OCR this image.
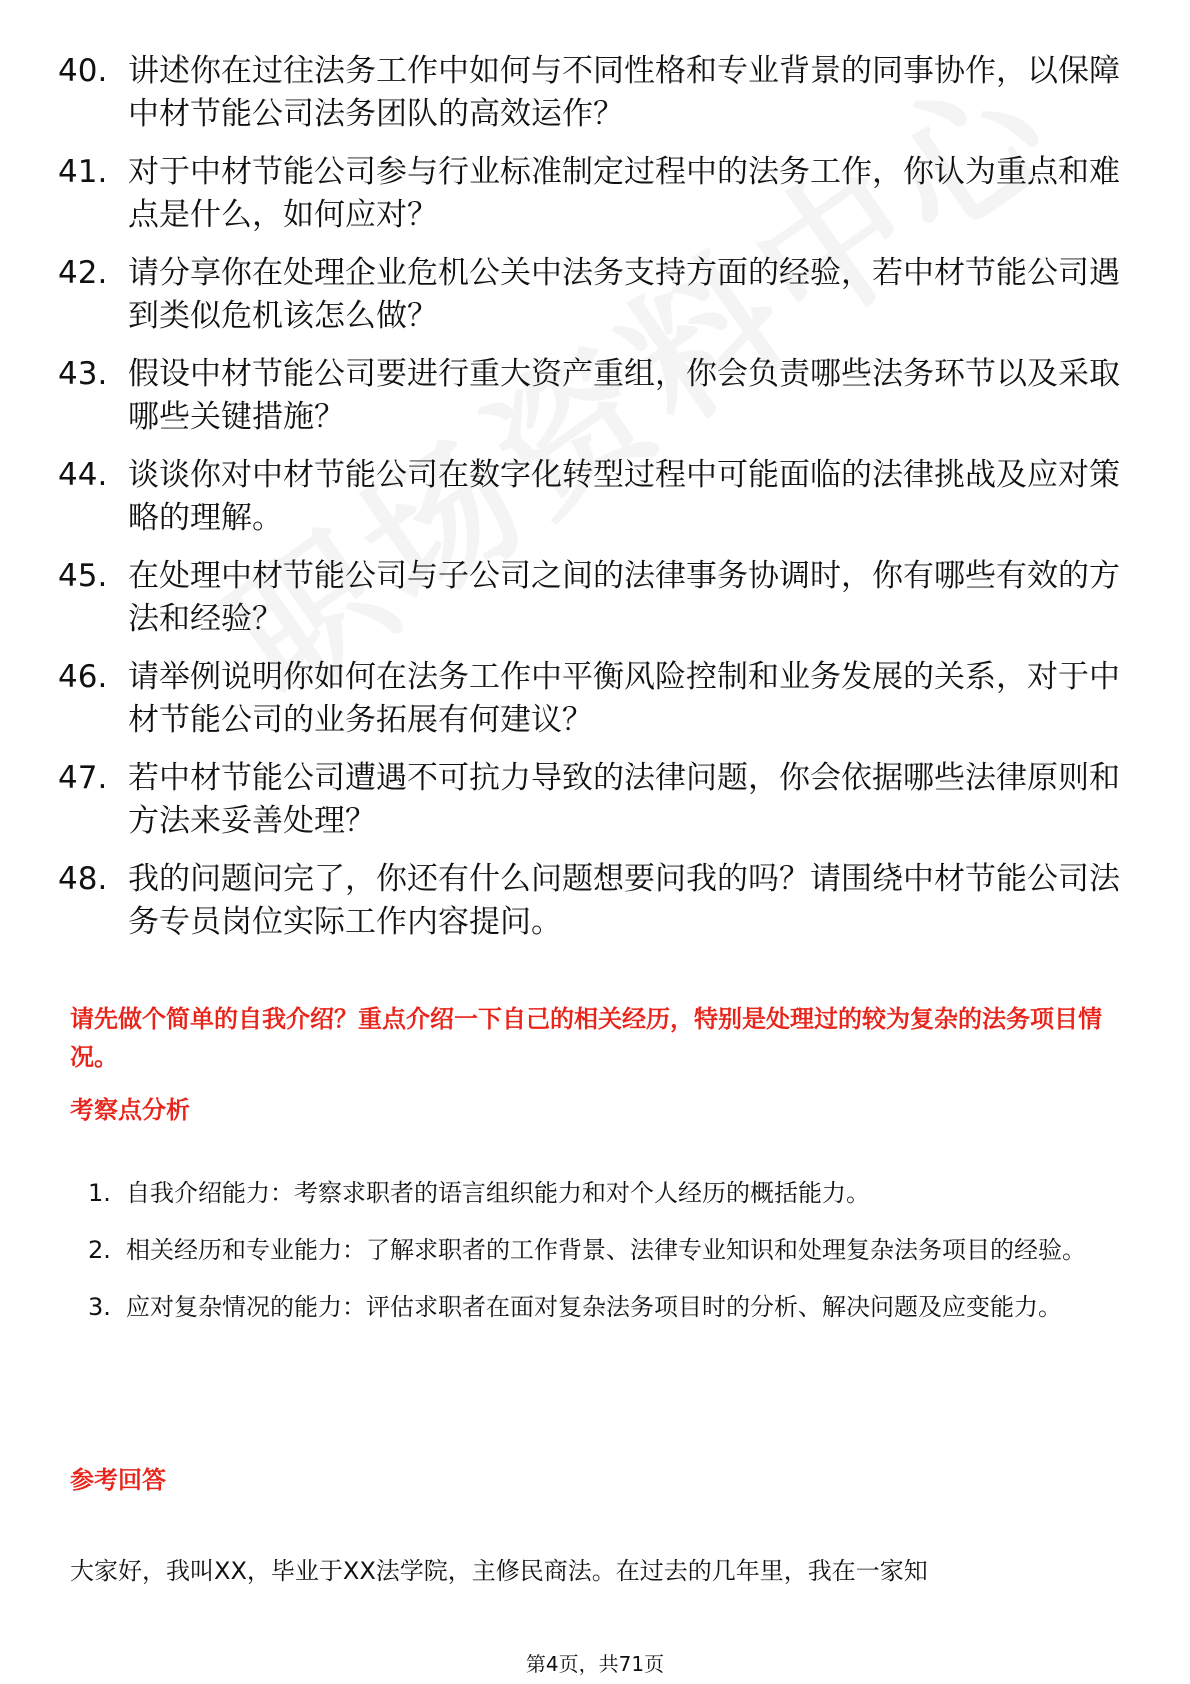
40. 讲述你在过往法务工作中如何与不同性格和专业背景的同事协作，以保障中材节能公司法务团队的高效运作？
41. 对于中材节能公司参与行业标准制定过程中的法务工作，你认为重点和难点是什么，如何应对？
42. 请分享你在处理企业危机公关中法务支持方面的经验，若中材节能公司遇到类似危机该怎么做？
43. 假设中材节能公司要进行重大资产重组，你会负责哪些法务环节以及采取哪些关键措施？
44. 谈谈你对中材节能公司在数字化转型过程中可能面临的法律挑战及应对策略的理解。
45. 在处理中材节能公司与子公司之间的法律事务协调时，你有哪些有效的方法和经验？
46. 请举例说明你如何在法务工作中平衡风险控制和业务发展的关系，对于中材节能公司的业务拓展有何建议？
47. 若中材节能公司遭遇不可抗力导致的法律问题，你会依据哪些法律原则和方法来妥善处理？
48. 我的问题问完了，你还有什么问题想要问我的吗？请围绕中材节能公司法务专员岗位实际工作内容提问。

请先做个简单的自我介绍？重点介绍一下自己的相关经历，特别是处理过的较为复杂的法务项目情况。

考察点分析
1. 自我介绍能力：考察求职者的语言组织能力和对个人经历的概括能力。
2. 相关经历和专业能力：了解求职者的工作背景、法律专业知识和处理复杂法务项目的经验。
3. 应对复杂情况的能力：评估求职者在面对复杂法务项目时的分析、解决问题及应变能力。
参考回答

大家好，我叫XX，毕业于XX法学院，主修民商法。在过去的几年里，我在一家知

第4页，共71页
